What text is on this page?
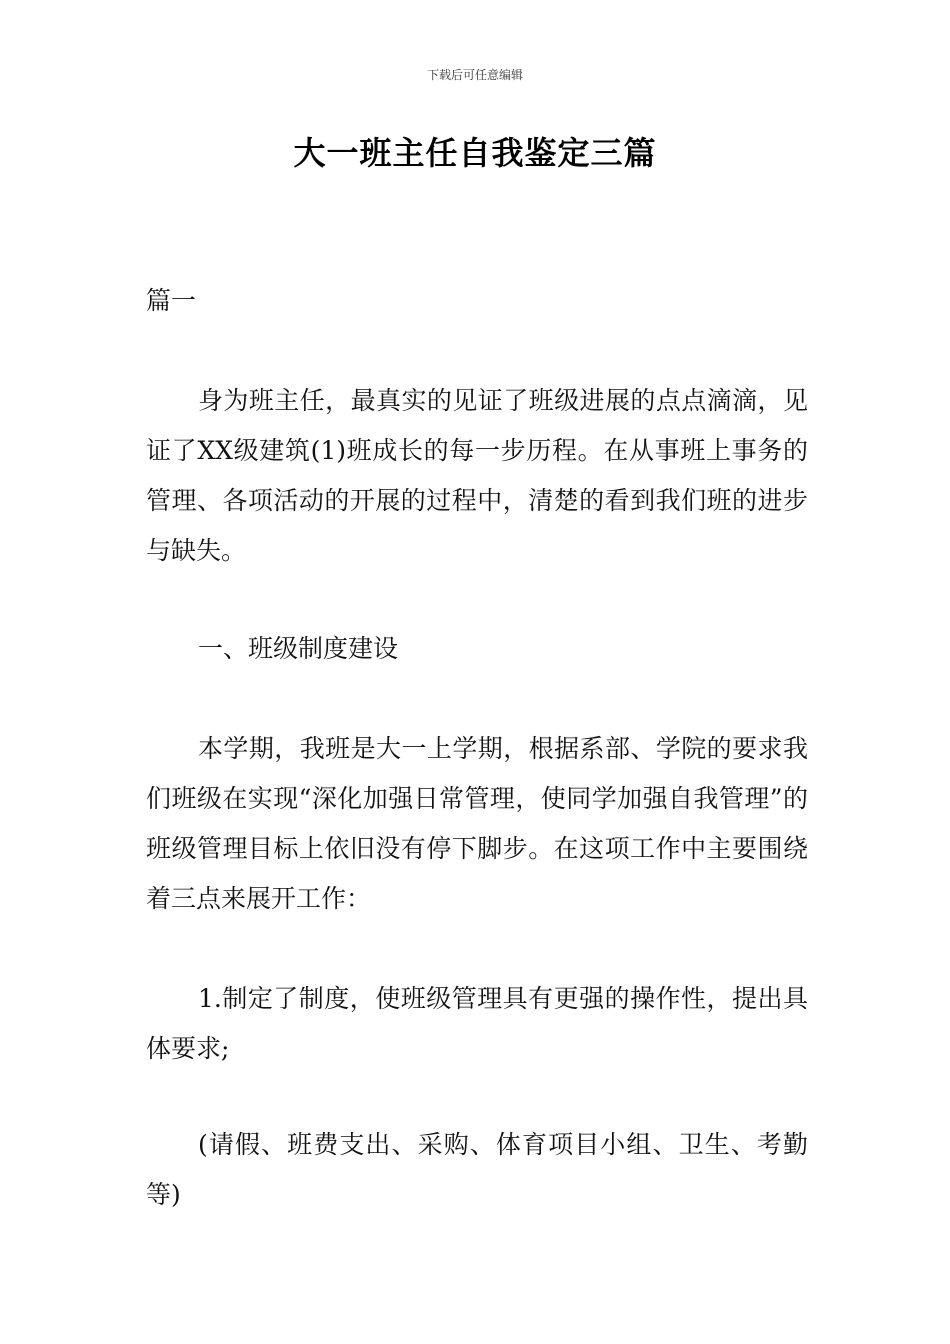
下载后可任意编辑
大一班主任自我鉴定三篇
篇一
身为班主任，最真实的见证了班级进展的点点滴滴，见证了XX级建筑(1)班成长的每一步历程。在从事班上事务的管理、各项活动的开展的过程中，清楚的看到我们班的进步与缺失。
一、班级制度建设
本学期，我班是大一上学期，根据系部、学院的要求我们班级在实现“深化加强日常管理，使同学加强自我管理”的班级管理目标上依旧没有停下脚步。在这项工作中主要围绕着三点来展开工作：
1.制定了制度，使班级管理具有更强的操作性，提出具体要求;
(请假、班费支出、采购、体育项目小组、卫生、考勤等)
